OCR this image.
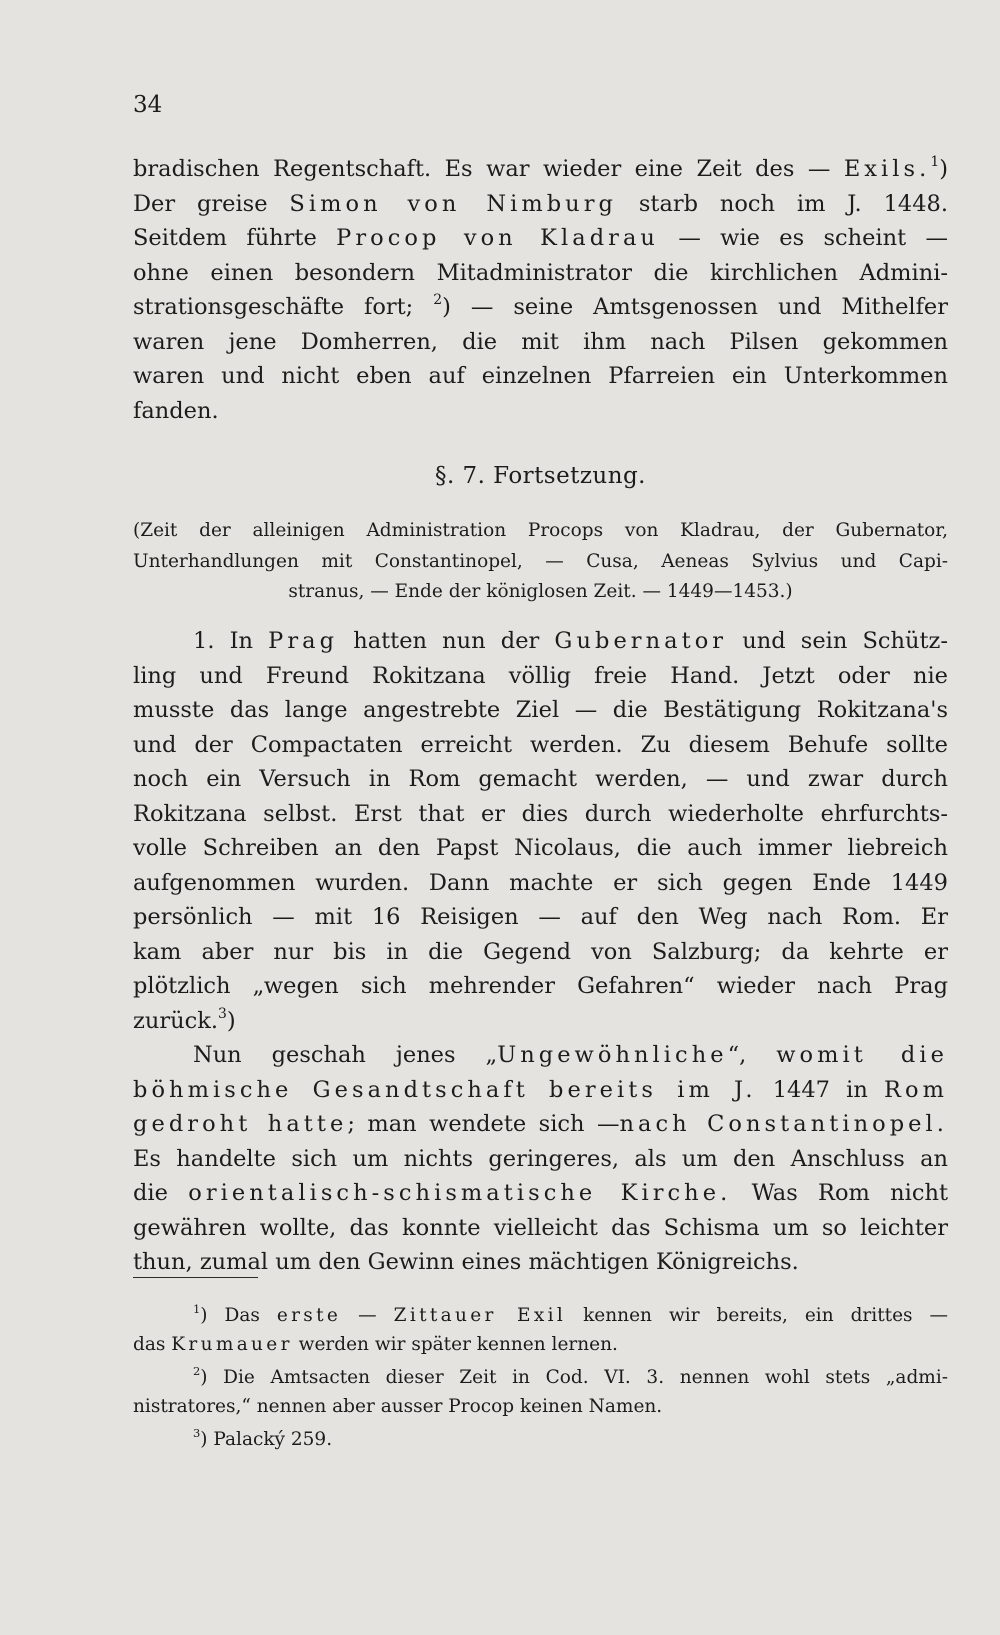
34
bradischen Regentschaft. Es war wieder eine Zeit des — Exils.$^1$)
Der greise Simon von Nimburg starb noch im J. 1448.
Seitdem führte Procop von Kladrau — wie es scheint —
ohne einen besondern Mitadministrator die kirchlichen Admini-
strationsgeschäfte fort; $^2$) — seine Amtsgenossen und Mithelfer
waren jene Domherren, die mit ihm nach Pilsen gekommen
waren und nicht eben auf einzelnen Pfarreien ein Unterkommen
fanden.
§. 7. Fortsetzung.
(Zeit der alleinigen Administration Procops von Kladrau, der Gubernator,
Unterhandlungen mit Constantinopel, — Cusa, Aeneas Sylvius und Capi-
stranus, — Ende der königlosen Zeit. — 1449—1453.)
1. In Prag hatten nun der Gubernator und sein Schütz-
ling und Freund Rokitzana völlig freie Hand. Jetzt oder nie
musste das lange angestrebte Ziel — die Bestätigung Rokitzana's
und der Compactaten erreicht werden. Zu diesem Behufe sollte
noch ein Versuch in Rom gemacht werden, — und zwar durch
Rokitzana selbst. Erst that er dies durch wiederholte ehrfurchts-
volle Schreiben an den Papst Nicolaus, die auch immer liebreich
aufgenommen wurden. Dann machte er sich gegen Ende 1449
persönlich — mit 16 Reisigen — auf den Weg nach Rom. Er
kam aber nur bis in die Gegend von Salzburg; da kehrte er
plötzlich „wegen sich mehrender Gefahren“ wieder nach Prag
zurück.$^3$)
Nun geschah jenes „Ungewöhnliche“, womit die
böhmische Gesandtschaft bereits im J. 1447 in Rom
gedroht hatte; man wendete sich —nach Constantinopel.
Es handelte sich um nichts geringeres, als um den Anschluss an
die orientalisch-schismatische Kirche. Was Rom nicht
gewähren wollte, das konnte vielleicht das Schisma um so leichter
thun, zumal um den Gewinn eines mächtigen Königreichs.
$^1$) Das erste — Zittauer Exil kennen wir bereits, ein drittes —
das Krumauer werden wir später kennen lernen.
$^2$) Die Amtsacten dieser Zeit in Cod. VI. 3. nennen wohl stets „admi-
nistratores,“ nennen aber ausser Procop keinen Namen.
$^3$) Palacký 259.
